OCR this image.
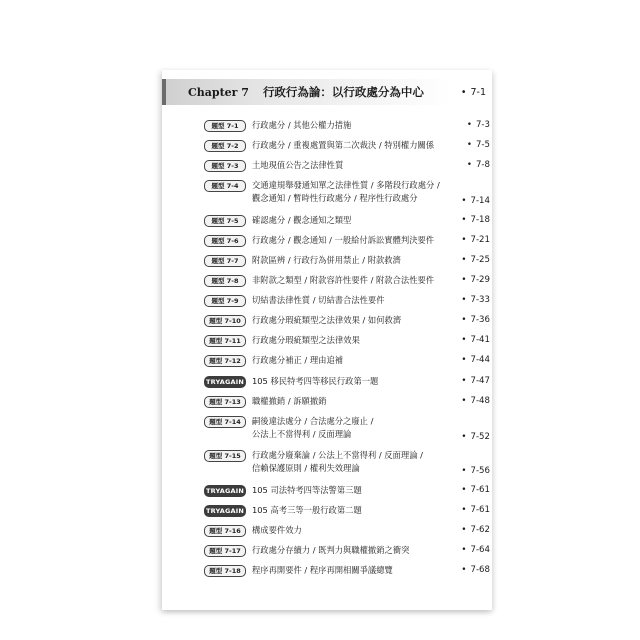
Chapter 7 行政行為論：以行政處分為中心	• 7-1
題型 7-1	行政處分 / 其他公權力措施	• 7-3
題型 7-2	行政處分 / 重複處置與第二次裁決 / 特別權力關係	• 7-5
題型 7-3	土地現值公告之法律性質	• 7-8
題型 7-4	交通違規舉發通知單之法律性質 / 多階段行政處分 /
觀念通知 / 暫時性行政處分 / 程序性行政處分	• 7-14
題型 7-5	確認處分 / 觀念通知之類型	• 7-18
題型 7-6	行政處分 / 觀念通知 / 一般給付訴訟實體判決要件	• 7-21
題型 7-7	附款區辨 / 行政行為併用禁止 / 附款救濟	• 7-25
題型 7-8	非附款之類型 / 附款容許性要件 / 附款合法性要件	• 7-29
題型 7-9	切結書法律性質 / 切結書合法性要件	• 7-33
題型 7-10	行政處分瑕疵類型之法律效果 / 如何救濟	• 7-36
題型 7-11	行政處分瑕疵類型之法律效果	• 7-41
題型 7-12	行政處分補正 / 理由追補	• 7-44
TRYAGAIN 105 移民特考四等移民行政第一題	• 7-47
題型 7-13	職權撤銷 / 訴願撤銷	• 7-48
題型 7-14	嗣後違法處分 / 合法處分之廢止 /
公法上不當得利 / 反面理論	• 7-52
題型 7-15	行政處分廢棄論 / 公法上不當得利 / 反面理論 /
信賴保護原則 / 權利失效理論	• 7-56
TRYAGAIN 105 司法特考四等法警第三題	• 7-61
TRYAGAIN 105 高考三等一般行政第二題	• 7-61
題型 7-16	構成要件效力	• 7-62
題型 7-17	行政處分存續力 / 既判力與職權撤銷之衝突	• 7-64
題型 7-18	程序再開要件 / 程序再開相關爭議總覽	• 7-68
